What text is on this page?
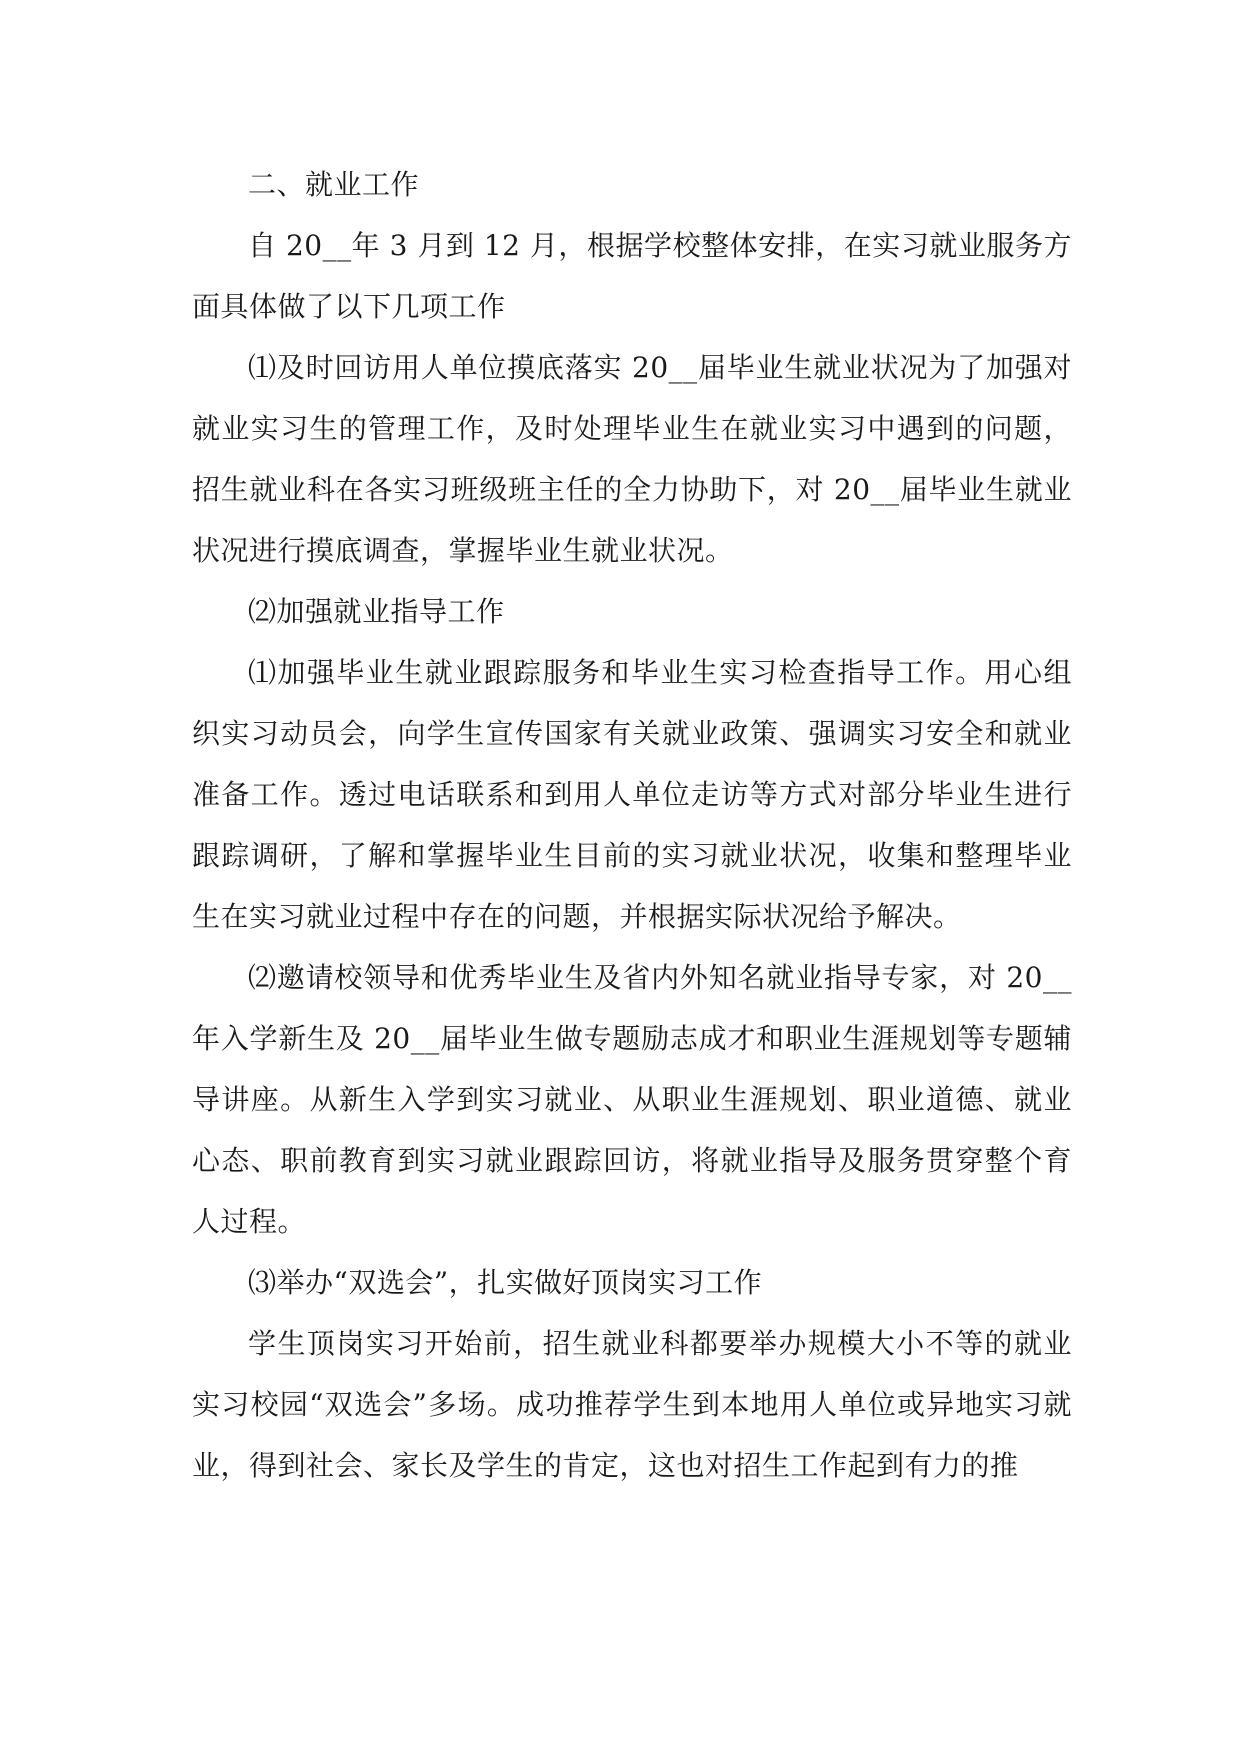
二、就业工作

自 20__年 3 月到 12 月，根据学校整体安排，在实习就业服务方面具体做了以下几项工作

⑴及时回访用人单位摸底落实 20__届毕业生就业状况为了加强对就业实习生的管理工作，及时处理毕业生在就业实习中遇到的问题，招生就业科在各实习班级班主任的全力协助下，对 20__届毕业生就业状况进行摸底调查，掌握毕业生就业状况。

⑵加强就业指导工作

⑴加强毕业生就业跟踪服务和毕业生实习检查指导工作。用心组织实习动员会，向学生宣传国家有关就业政策、强调实习安全和就业准备工作。透过电话联系和到用人单位走访等方式对部分毕业生进行跟踪调研，了解和掌握毕业生目前的实习就业状况，收集和整理毕业生在实习就业过程中存在的问题，并根据实际状况给予解决。

⑵邀请校领导和优秀毕业生及省内外知名就业指导专家，对 20__年入学新生及 20__届毕业生做专题励志成才和职业生涯规划等专题辅导讲座。从新生入学到实习就业、从职业生涯规划、职业道德、就业心态、职前教育到实习就业跟踪回访，将就业指导及服务贯穿整个育人过程。

⑶举办“双选会”，扎实做好顶岗实习工作

学生顶岗实习开始前，招生就业科都要举办规模大小不等的就业实习校园“双选会”多场。成功推荐学生到本地用人单位或异地实习就业，得到社会、家长及学生的肯定，这也对招生工作起到有力的推
